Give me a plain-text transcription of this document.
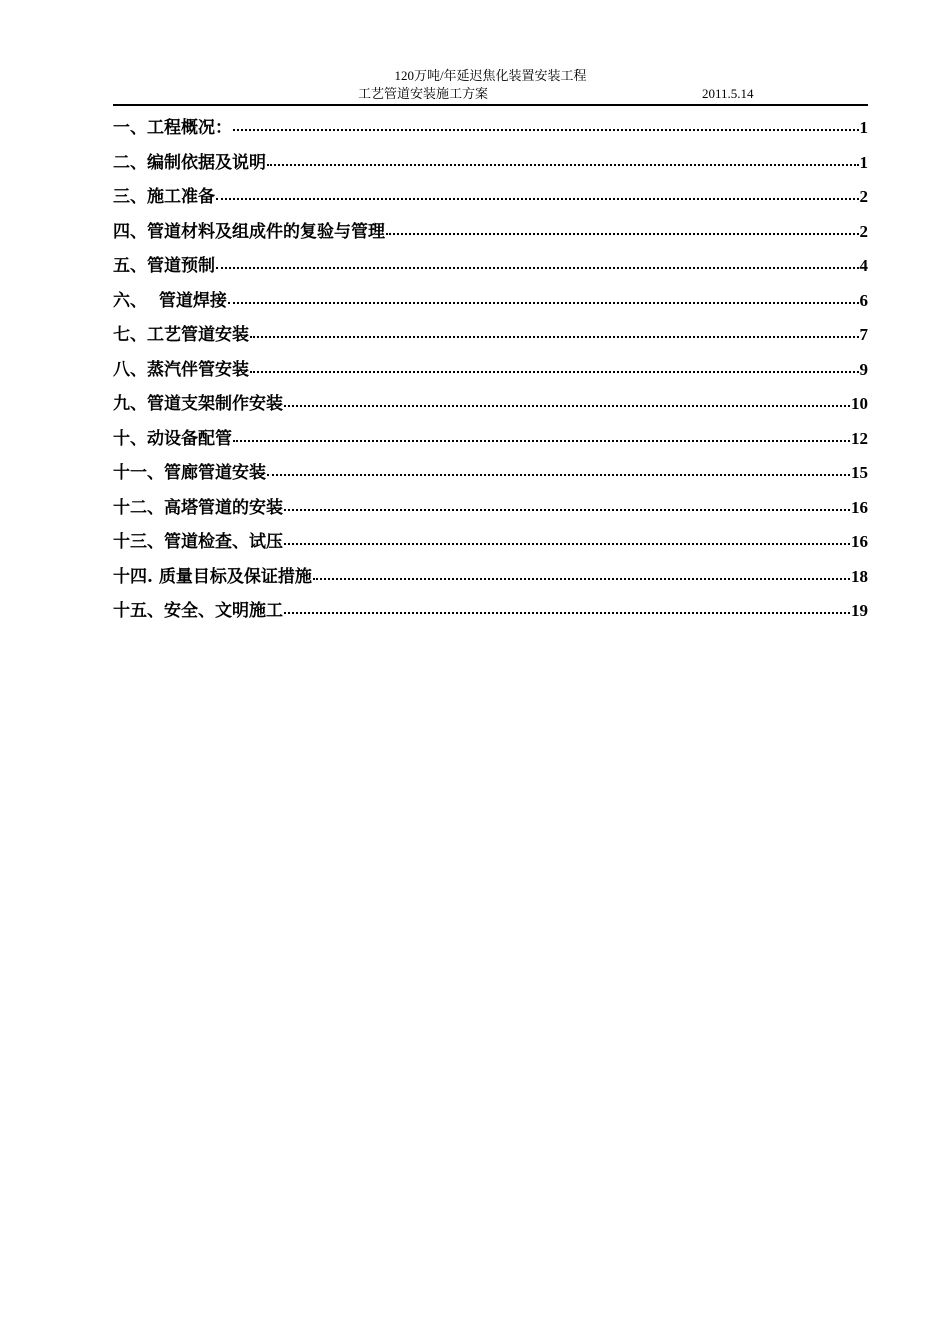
120万吨/年延迟焦化装置安装工程
工艺管道安装施工方案	2011.5.14
一、工程概况：	1
二、编制依据及说明	1
三、施工准备	2
四、管道材料及组成件的复验与管理	2
五、管道预制	4
六、  管道焊接	6
七、工艺管道安装	7
八、蒸汽伴管安装	9
九、管道支架制作安装	10
十、动设备配管	12
十一、管廊管道安装	15
十二、高塔管道的安装	16
十三、管道检查、试压	16
十四. 质量目标及保证措施	18
十五、安全、文明施工	19
